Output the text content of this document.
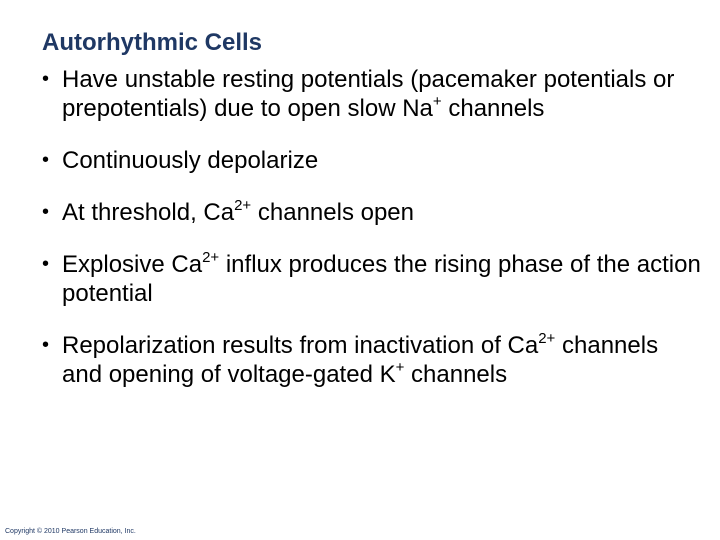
Autorhythmic Cells
• Have unstable resting potentials (pacemaker potentials or prepotentials) due to open slow Na+ channels
• Continuously depolarize
• At threshold, $Ca^{2+}$ channels open
• Explosive $Ca^{2+}$ influx produces the rising phase of the action potential
• Repolarization results from inactivation of $Ca^{2+}$ channels and opening of voltage-gated K+ channels
Copyright © 2010 Pearson Education, Inc.
